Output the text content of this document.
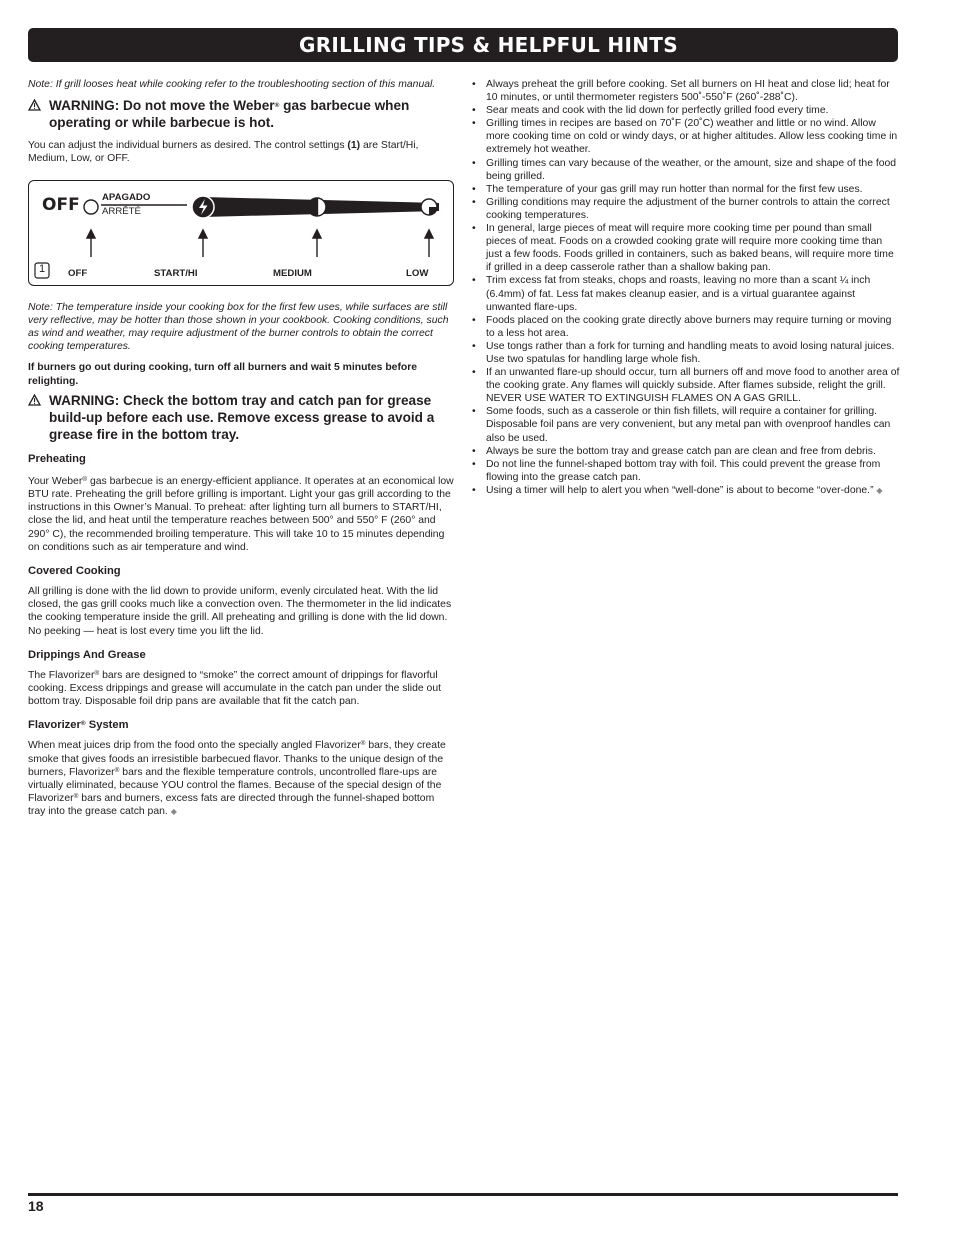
GRILLING TIPS & HELPFUL HINTS

Note: If grill looses heat while cooking refer to the troubleshooting section of this manual.

WARNING: Do not move the Weber® gas barbecue when operating or while barbecue is hot.

You can adjust the individual burners as desired. The control settings (1) are Start/Hi, Medium, Low, or OFF.

OFF APAGADO
ARRÊTÉ
1 OFF	START/HI	MEDIUM	LOW

Note: The temperature inside your cooking box for the first few uses, while surfaces are still very reflective, may be hotter than those shown in your cookbook. Cooking conditions, such as wind and weather, may require adjustment of the burner controls to obtain the correct cooking temperatures.

If burners go out during cooking, turn off all burners and wait 5 minutes before relighting.

WARNING: Check the bottom tray and catch pan for grease build-up before each use. Remove excess grease to avoid a grease fire in the bottom tray.
Preheating

Your Weber® gas barbecue is an energy-efficient appliance. It operates at an economical low BTU rate. Preheating the grill before grilling is important. Light your gas grill according to the instructions in this Owner’s Manual. To preheat: after lighting turn all burners to START/HI, close the lid, and heat until the temperature reaches between 500° and 550° F (260° and 290° C), the recommended broiling temperature. This will take 10 to 15 minutes depending on conditions such as air temperature and wind.

Covered Cooking

All grilling is done with the lid down to provide uniform, evenly circulated heat. With the lid closed, the gas grill cooks much like a convection oven. The thermometer in the lid indicates the cooking temperature inside the grill. All preheating and grilling is done with the lid down. No peeking — heat is lost every time you lift the lid.

Drippings And Grease

The Flavorizer® bars are designed to “smoke” the correct amount of drippings for flavorful cooking. Excess drippings and grease will accumulate in the catch pan under the slide out bottom tray. Disposable foil drip pans are available that fit the catch pan.

Flavorizer® System

When meat juices drip from the food onto the specially angled Flavorizer® bars, they create smoke that gives foods an irresistible barbecued flavor. Thanks to the unique design of the burners, Flavorizer® bars and the flexible temperature controls, uncontrolled flare-ups are virtually eliminated, because YOU control the flames. Because of the special design of the Flavorizer® bars and burners, excess fats are directed through the funnel-shaped bottom tray into the grease catch pan. ◆

• Always preheat the grill before cooking. Set all burners on HI heat and close lid; heat for 10 minutes, or until thermometer registers 500˚-550˚F (260˚-288˚C).
• Sear meats and cook with the lid down for perfectly grilled food every time.
• Grilling times in recipes are based on 70˚F (20˚C) weather and little or no wind. Allow more cooking time on cold or windy days, or at higher altitudes. Allow less cooking time in extremely hot weather.
• Grilling times can vary because of the weather, or the amount, size and shape of the food being grilled.
• The temperature of your gas grill may run hotter than normal for the first few uses.
• Grilling conditions may require the adjustment of the burner controls to attain the correct cooking temperatures.
• In general, large pieces of meat will require more cooking time per pound than small pieces of meat. Foods on a crowded cooking grate will require more cooking time than just a few foods. Foods grilled in containers, such as baked beans, will require more time if grilled in a deep casserole rather than a shallow baking pan.
• Trim excess fat from steaks, chops and roasts, leaving no more than a scant ¼ inch (6.4mm) of fat. Less fat makes cleanup easier, and is a virtual guarantee against unwanted flare-ups.
• Foods placed on the cooking grate directly above burners may require turning or moving to a less hot area.
• Use tongs rather than a fork for turning and handling meats to avoid losing natural juices. Use two spatulas for handling large whole fish.
• If an unwanted flare-up should occur, turn all burners off and move food to another area of the cooking grate. Any flames will quickly subside. After flames subside, relight the grill. NEVER USE WATER TO EXTINGUISH FLAMES ON A GAS GRILL.
• Some foods, such as a casserole or thin fish fillets, will require a container for grilling. Disposable foil pans are very convenient, but any metal pan with ovenproof handles can also be used.
• Always be sure the bottom tray and grease catch pan are clean and free from debris.
• Do not line the funnel-shaped bottom tray with foil. This could prevent the grease from flowing into the grease catch pan.
• Using a timer will help to alert you when “well-done” is about to become “over-done.” ◆
18
